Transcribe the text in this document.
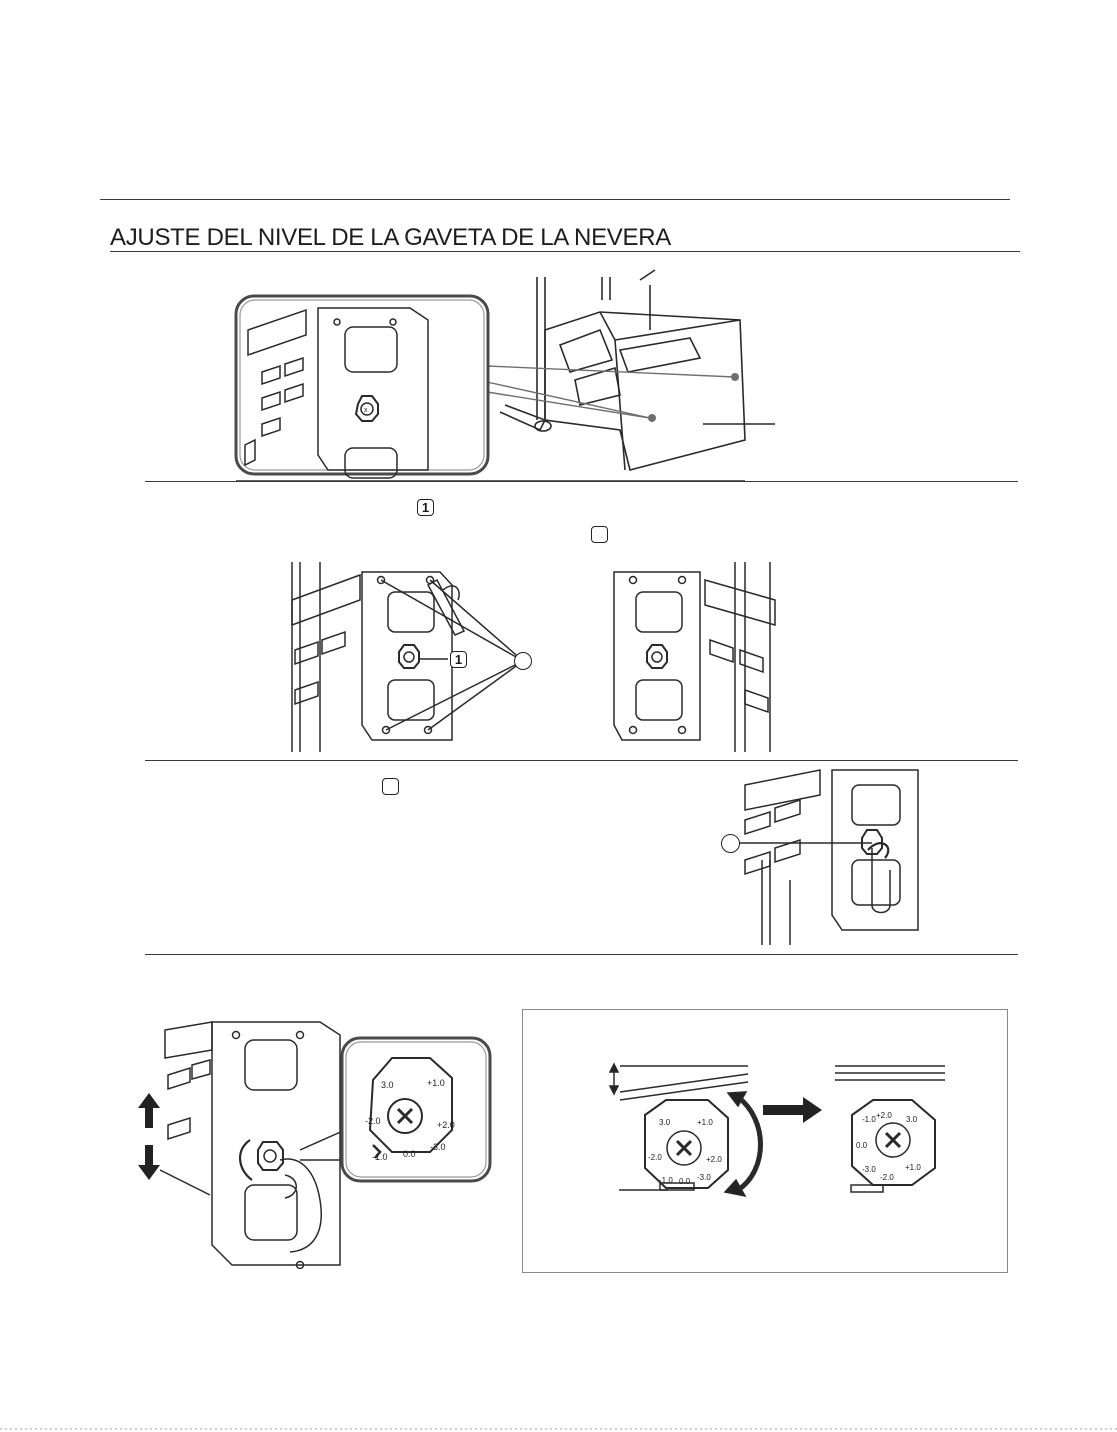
AJUSTE DEL NIVEL DE LA GAVETA DE LA NEVERA
x
1
1
3.0	+1.0
-2.0	+2.0
-1.0 0.0
-3.0
3.0	+1.0
-2.0	+2.0
-1.0 0.0 -3.0
+2.0 3.0
-1.0
0.0
-3.0
-2.0
+1.0
